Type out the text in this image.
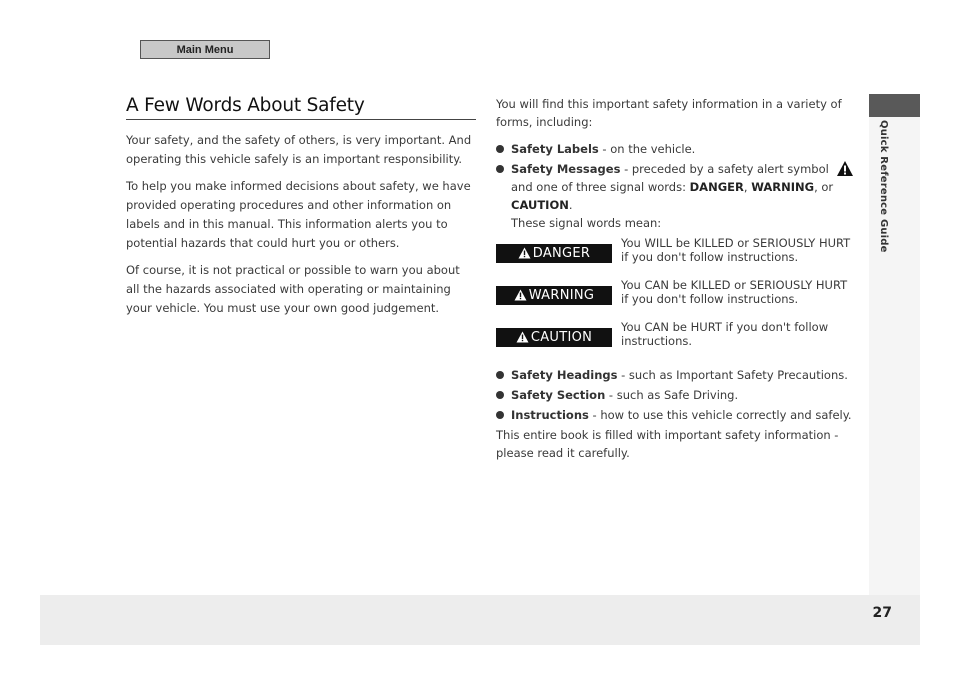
Main Menu
Quick Reference Guide
A Few Words About Safety

Your safety, and the safety of others, is very important. And operating this vehicle safely is an important responsibility.

To help you make informed decisions about safety, we have provided operating procedures and other information on labels and in this manual. This information alerts you to potential hazards that could hurt you or others.

Of course, it is not practical or possible to warn you about all the hazards associated with operating or maintaining your vehicle. You must use your own good judgement.

You will find this important safety information in a variety of forms, including:

Safety Labels - on the vehicle.
Safety Messages - preceded by a safety alert symbol
and one of three signal words: DANGER, WARNING, or
CAUTION.
These signal words mean:
DANGER
You WILL be KILLED or SERIOUSLY HURT if you don't follow instructions.
WARNING
You CAN be KILLED or SERIOUSLY HURT if you don't follow instructions.
CAUTION
You CAN be HURT if you don't follow instructions.
Safety Headings - such as Important Safety Precautions.
Safety Section - such as Safe Driving.
Instructions - how to use this vehicle correctly and safely.

This entire book is filled with important safety information - please read it carefully.

27
